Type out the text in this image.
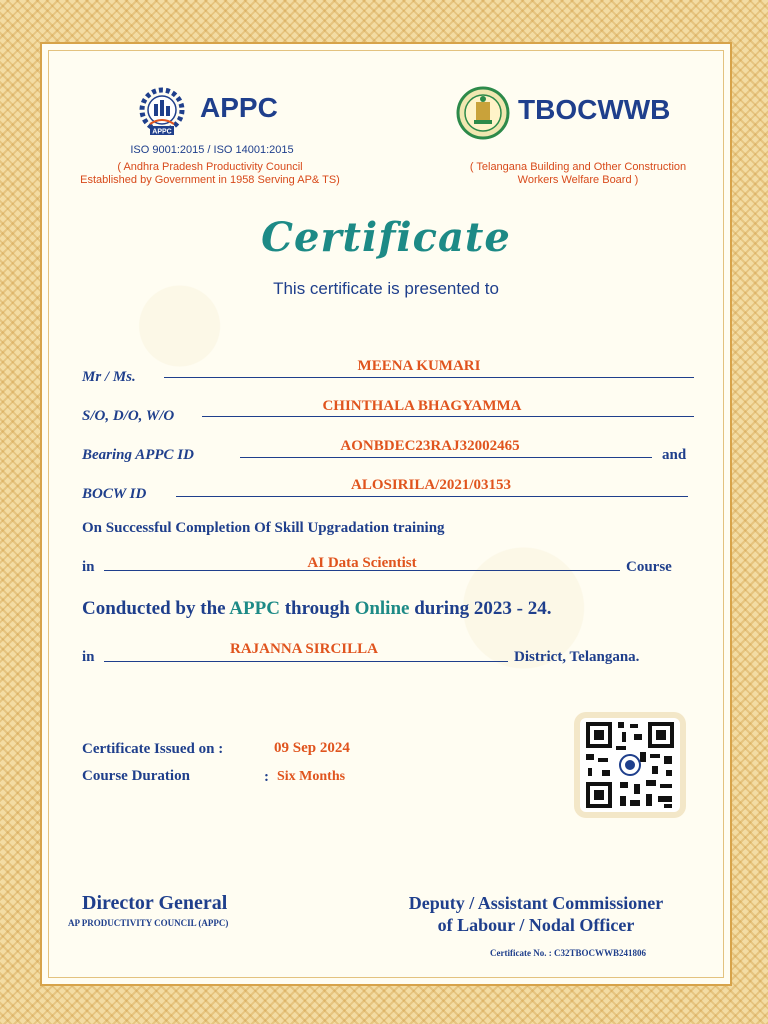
APPC
APPC
ISO 9001:2015 / ISO 14001:2015
( Andhra Pradesh Productivity Council
Established by Government in 1958 Serving AP& TS)
TBOCWWB
( Telangana Building and Other Construction
Workers Welfare Board )
Certificate
This certificate is presented to
Mr / Ms.
MEENA KUMARI
S/O, D/O, W/O
CHINTHALA BHAGYAMMA
Bearing APPC ID
AONBDEC23RAJ32002465
and
BOCW ID
ALOSIRILA/2021/03153
On Successful Completion Of Skill Upgradation training
in	AI Data Scientist	Course
Conducted by the APPC through Online during 2023 - 24.
in	RAJANNA SIRCILLA	District, Telangana.
Certificate Issued on :	09 Sep 2024
Course Duration	: Six Months
Director General
AP PRODUCTIVITY COUNCIL (APPC)
Deputy / Assistant Commissioner
of Labour / Nodal Officer
Certificate No. : C32TBOCWWB241806
